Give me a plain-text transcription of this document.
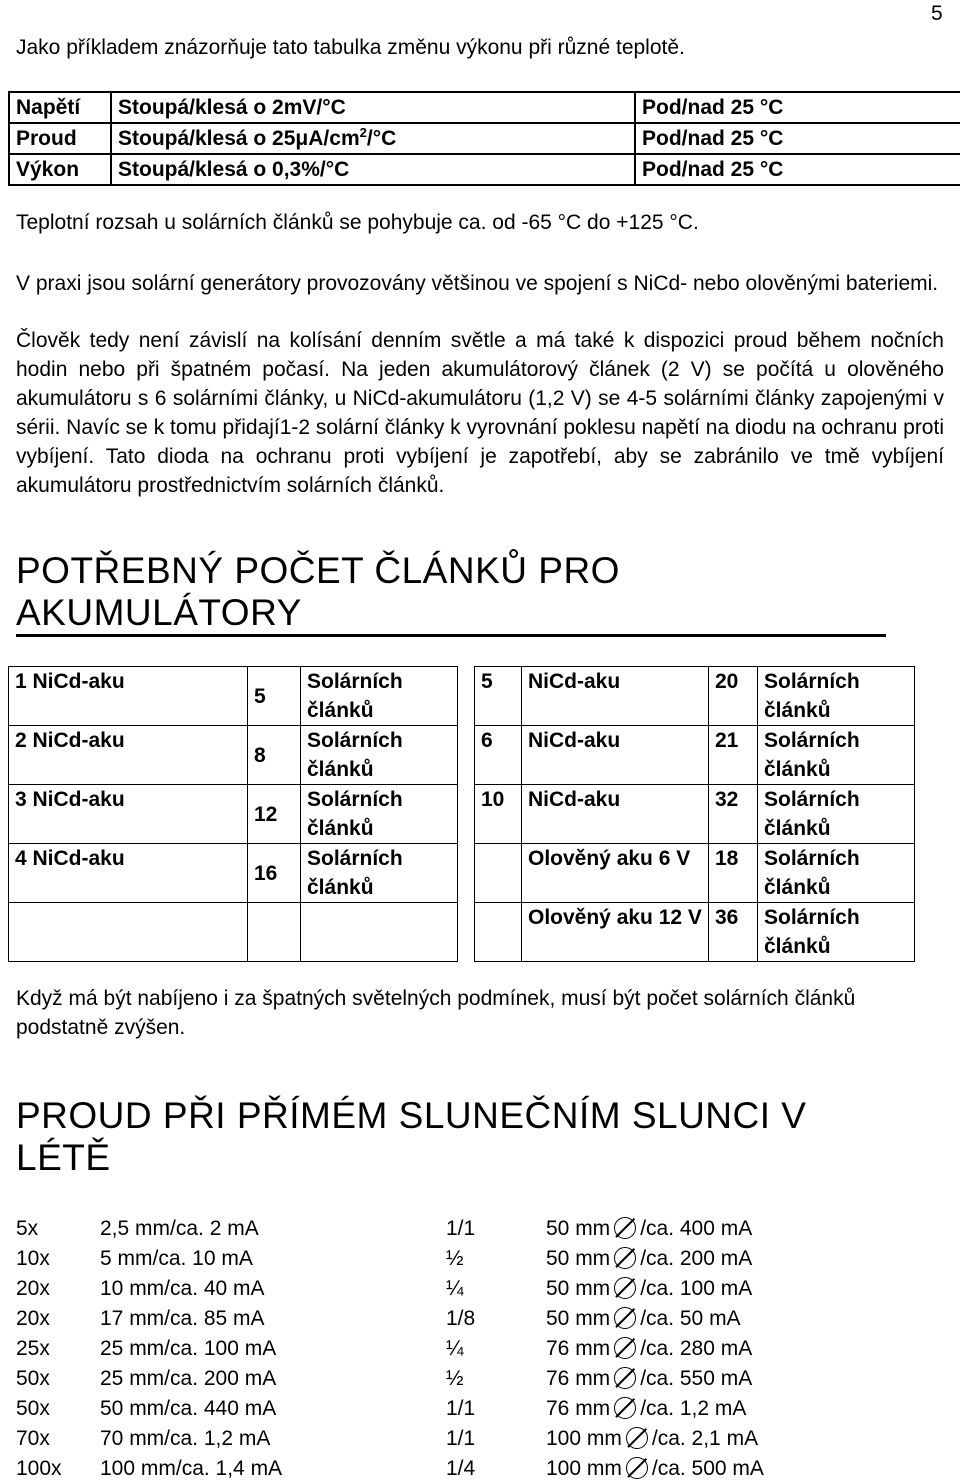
5
Jako příkladem znázorňuje tato tabulka změnu výkonu při různé teplotě.
Napětí	Stoupá/klesá o 2mV/°C	Pod/nad 25 °C
Proud	Stoupá/klesá o $25\mu A/cm^2/^\circ C$	Pod/nad 25 °C
Výkon	Stoupá/klesá o 0,3%/°C	Pod/nad 25 °C
Teplotní rozsah u solárních článků se pohybuje ca. od -65 °C do +125 °C.
V praxi jsou solární generátory provozovány většinou ve spojení s NiCd- nebo olověnými bateriemi.
Člověk tedy není závislí na kolísání denním světle a má také k dispozici proud během nočních hodin nebo při špatném počasí. Na jeden akumulátorový článek (2 V) se počítá u olověného akumulátoru s 6 solárními články, u NiCd-akumulátoru (1,2 V) se 4-5 solárními články zapojenými v sérii. Navíc se k tomu přidají1-2 solární články k vyrovnání poklesu napětí na diodu na ochranu proti vybíjení. Tato dioda na ochranu proti vybíjení je zapotřebí, aby se zabránilo ve tmě vybíjení akumulátoru prostřednictvím solárních článků.
POTŘEBNÝ POČET ČLÁNKŮ PRO AKUMULÁTORY
1 NiCd-aku	5	Solárních článků		5	NiCd-aku	20	Solárních článků
2 NiCd-aku	8	Solárních článků		6	NiCd-aku	21	Solárních článků
3 NiCd-aku	12	Solárních článků		10	NiCd-aku	32	Solárních článků
4 NiCd-aku	16	Solárních článků			Olověný aku 6 V	18	Solárních článků
					Olověný aku 12 V	36	Solárních článků
Když má být nabíjeno i za špatných světelných podmínek, musí být počet solárních článků podstatně zvýšen.
PROUD PŘI PŘÍMÉM SLUNEČNÍM SLUNCI V LÉTĚ
5x	2,5 mm/ca. 2 mA	1/1	50 mm /ca. 400 mA
10x	5 mm/ca. 10 mA	½	50 mm /ca. 200 mA
20x	10 mm/ca. 40 mA	¼	50 mm /ca. 100 mA
20x	17 mm/ca. 85 mA	1/8	50 mm /ca. 50 mA
25x	25 mm/ca. 100 mA	¼	76 mm /ca. 280 mA
50x	25 mm/ca. 200 mA	½	76 mm /ca. 550 mA
50x	50 mm/ca. 440 mA	1/1	76 mm /ca. 1,2 mA
70x	70 mm/ca. 1,2 mA	1/1	100 mm /ca. 2,1 mA
100x	100 mm/ca. 1,4 mA	1/4	100 mm /ca. 500 mA
